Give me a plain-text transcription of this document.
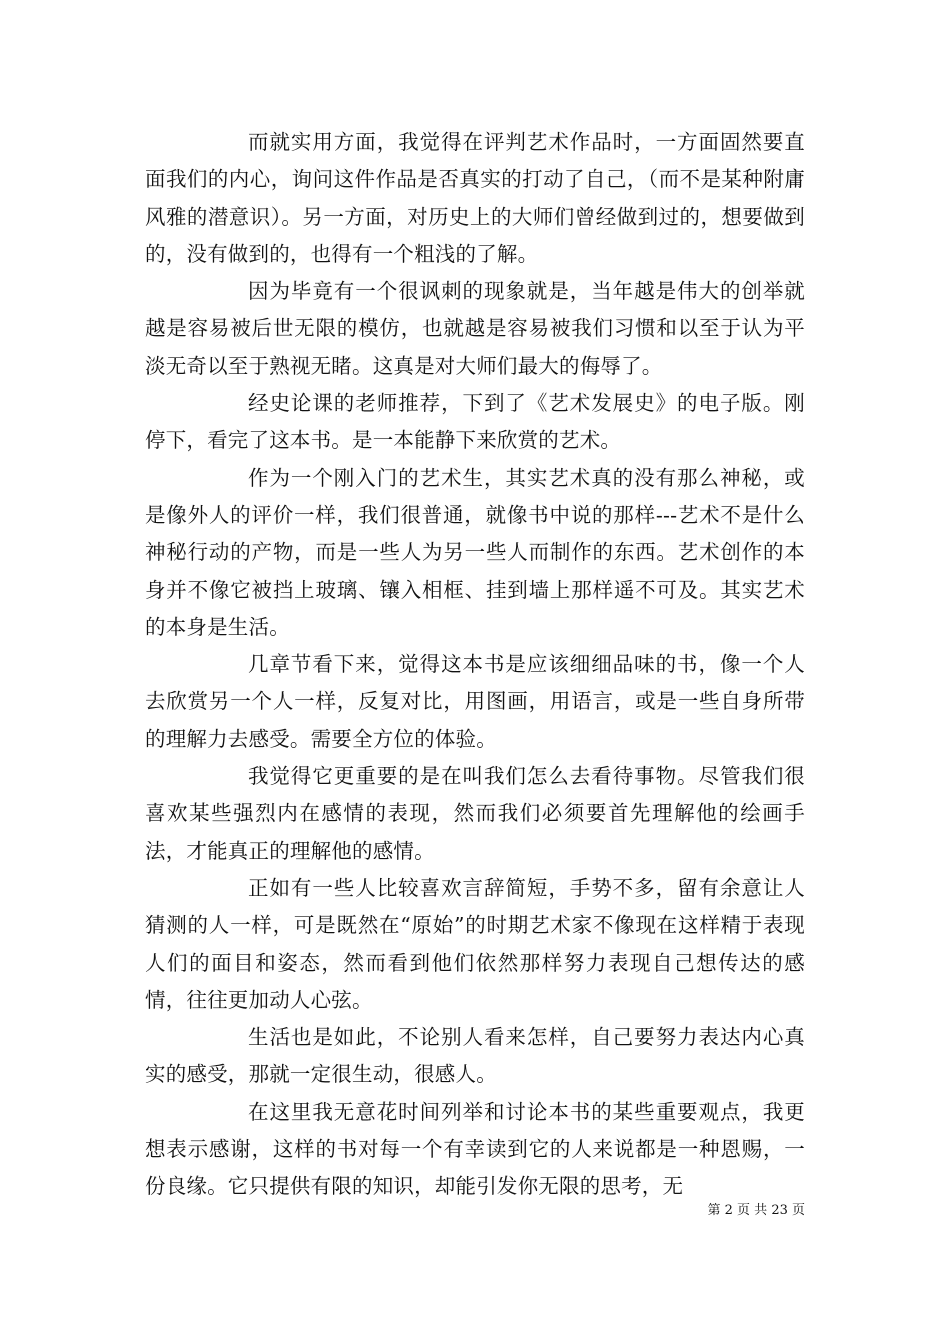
而就实用方面，我觉得在评判艺术作品时，一方面固然要直面我们的内心，询问这件作品是否真实的打动了自己，（而不是某种附庸风雅的潜意识）。另一方面，对历史上的大师们曾经做到过的，想要做到的，没有做到的，也得有一个粗浅的了解。

因为毕竟有一个很讽刺的现象就是，当年越是伟大的创举就越是容易被后世无限的模仿，也就越是容易被我们习惯和以至于认为平淡无奇以至于熟视无睹。这真是对大师们最大的侮辱了。

经史论课的老师推荐，下到了《艺术发展史》的电子版。刚停下，看完了这本书。是一本能静下来欣赏的艺术。

作为一个刚入门的艺术生，其实艺术真的没有那么神秘，或是像外人的评价一样，我们很普通，就像书中说的那样---艺术不是什么神秘行动的产物，而是一些人为另一些人而制作的东西。艺术创作的本身并不像它被挡上玻璃、镶入相框、挂到墙上那样遥不可及。其实艺术的本身是生活。

几章节看下来，觉得这本书是应该细细品味的书，像一个人去欣赏另一个人一样，反复对比，用图画，用语言，或是一些自身所带的理解力去感受。需要全方位的体验。

我觉得它更重要的是在叫我们怎么去看待事物。尽管我们很喜欢某些强烈内在感情的表现，然而我们必须要首先理解他的绘画手法，才能真正的理解他的感情。

正如有一些人比较喜欢言辞简短，手势不多，留有余意让人猜测的人一样，可是既然在“原始”的时期艺术家不像现在这样精于表现人们的面目和姿态，然而看到他们依然那样努力表现自己想传达的感情，往往更加动人心弦。

生活也是如此，不论别人看来怎样，自己要努力表达内心真实的感受，那就一定很生动，很感人。

在这里我无意花时间列举和讨论本书的某些重要观点，我更想表示感谢，这样的书对每一个有幸读到它的人来说都是一种恩赐，一份良缘。它只提供有限的知识，却能引发你无限的思考，无

第 2 页 共 23 页
